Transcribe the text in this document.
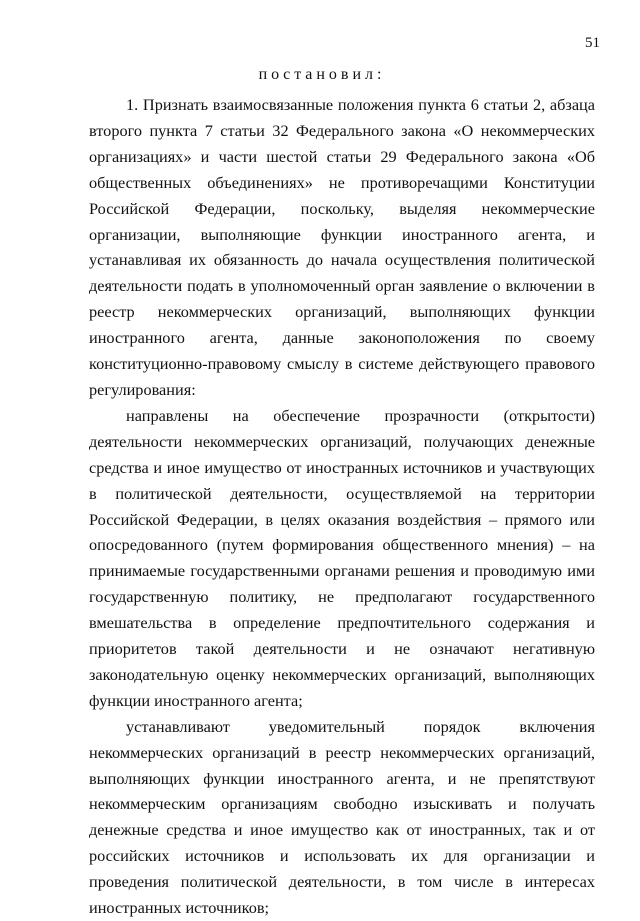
51
п о с т а н о в и л :

1. Признать взаимосвязанные положения пункта 6 статьи 2, абзаца второго пункта 7 статьи 32 Федерального закона «О некоммерческих организациях» и части шестой статьи 29 Федерального закона «Об общественных объединениях» не противоречащими Конституции Российской Федерации, поскольку, выделяя некоммерческие организации, выполняющие функции иностранного агента, и устанавливая их обязанность до начала осуществления политической деятельности подать в уполномоченный орган заявление о включении в реестр некоммерческих организаций, выполняющих функции иностранного агента, данные законоположения по своему конституционно-правовому смыслу в системе действующего правового регулирования:

направлены на обеспечение прозрачности (открытости) деятельности некоммерческих организаций, получающих денежные средства и иное имущество от иностранных источников и участвующих в политической деятельности, осуществляемой на территории Российской Федерации, в целях оказания воздействия – прямого или опосредованного (путем формирования общественного мнения) – на принимаемые государственными органами решения и проводимую ими государственную политику, не предполагают государственного вмешательства в определение предпочтительного содержания и приоритетов такой деятельности и не означают негативную законодательную оценку некоммерческих организаций, выполняющих функции иностранного агента;

устанавливают уведомительный порядок включения некоммерческих организаций в реестр некоммерческих организаций, выполняющих функции иностранного агента, и не препятствуют некоммерческим организациям свободно изыскивать и получать денежные средства и иное имущество как от иностранных, так и от российских источников и использовать их для организации и проведения политической деятельности, в том числе в интересах иностранных источников;
